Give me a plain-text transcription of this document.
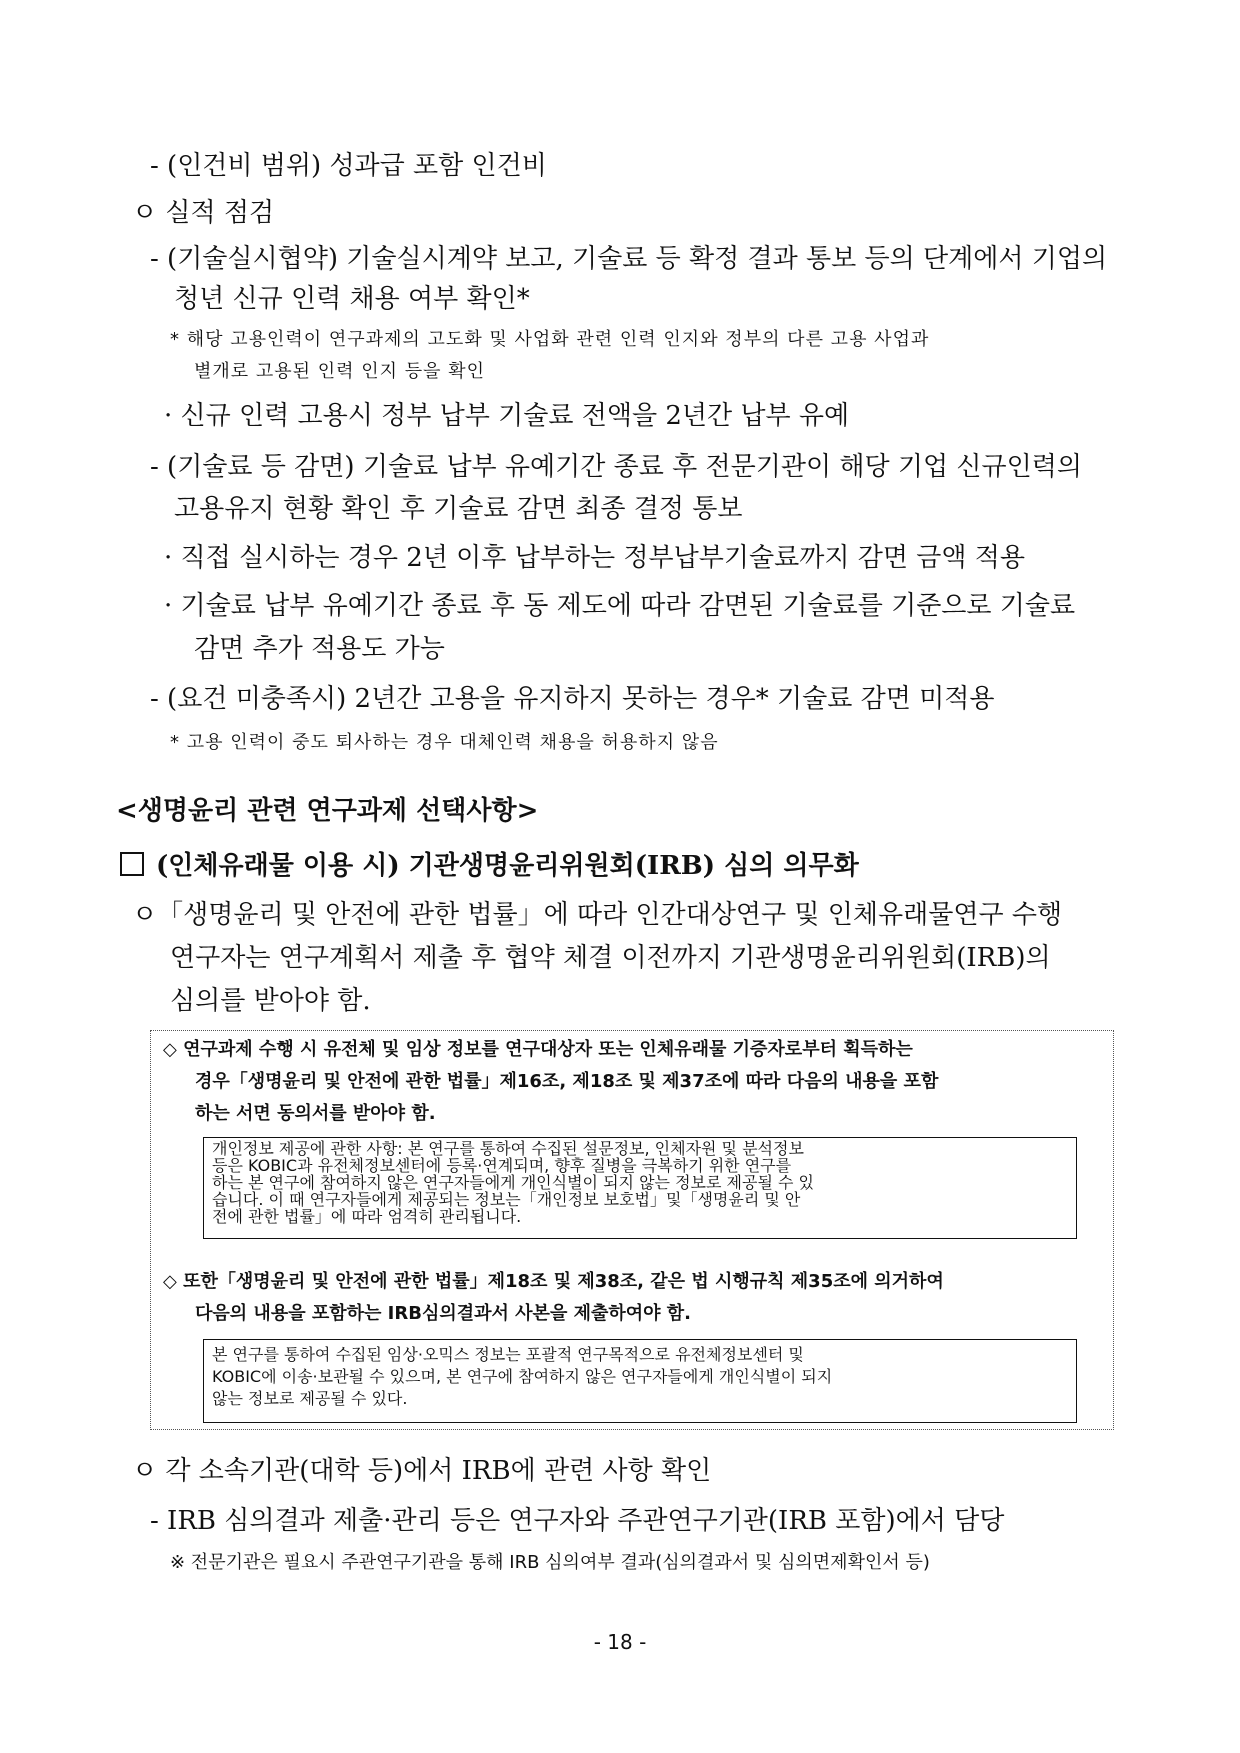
- (인건비 범위) 성과급 포함 인건비
ㅇ 실적 점검
- (기술실시협약) 기술실시계약 보고, 기술료 등 확정 결과 통보 등의 단계에서 기업의
청년 신규 인력 채용 여부 확인*
* 해당 고용인력이 연구과제의 고도화 및 사업화 관련 인력 인지와 정부의 다른 고용 사업과
별개로 고용된 인력 인지 등을 확인
· 신규 인력 고용시 정부 납부 기술료 전액을 2년간 납부 유예
- (기술료 등 감면) 기술료 납부 유예기간 종료 후 전문기관이 해당 기업 신규인력의
고용유지 현황 확인 후 기술료 감면 최종 결정 통보
· 직접 실시하는 경우 2년 이후 납부하는 정부납부기술료까지 감면 금액 적용
· 기술료 납부 유예기간 종료 후 동 제도에 따라 감면된 기술료를 기준으로 기술료
감면 추가 적용도 가능
- (요건 미충족시) 2년간 고용을 유지하지 못하는 경우* 기술료 감면 미적용
* 고용 인력이 중도 퇴사하는 경우 대체인력 채용을 허용하지 않음
<생명윤리 관련 연구과제 선택사항>
(인체유래물 이용 시) 기관생명윤리위원회(IRB) 심의 의무화
ㅇ「생명윤리 및 안전에 관한 법률」에 따라 인간대상연구 및 인체유래물연구 수행
연구자는 연구계획서 제출 후 협약 체결 이전까지 기관생명윤리위원회(IRB)의
심의를 받아야 함.
◇ 연구과제 수행 시 유전체 및 임상 정보를 연구대상자 또는 인체유래물 기증자로부터 획득하는
경우「생명윤리 및 안전에 관한 법률」제16조, 제18조 및 제37조에 따라 다음의 내용을 포함
하는 서면 동의서를 받아야 함.
개인정보 제공에 관한 사항: 본 연구를 통하여 수집된 설문정보, 인체자원 및 분석정보
등은 KOBIC과 유전체정보센터에 등록·연계되며, 향후 질병을 극복하기 위한 연구를
하는 본 연구에 참여하지 않은 연구자들에게 개인식별이 되지 않는 정보로 제공될 수 있
습니다. 이 때 연구자들에게 제공되는 정보는「개인정보 보호법」및「생명윤리 및 안
전에 관한 법률」에 따라 엄격히 관리됩니다.
◇ 또한「생명윤리 및 안전에 관한 법률」제18조 및 제38조, 같은 법 시행규칙 제35조에 의거하여
다음의 내용을 포함하는 IRB심의결과서 사본을 제출하여야 함.
본 연구를 통하여 수집된 임상·오믹스 정보는 포괄적 연구목적으로 유전체정보센터 및
KOBIC에 이송·보관될 수 있으며, 본 연구에 참여하지 않은 연구자들에게 개인식별이 되지
않는 정보로 제공될 수 있다.
ㅇ 각 소속기관(대학 등)에서 IRB에 관련 사항 확인
- IRB 심의결과 제출·관리 등은 연구자와 주관연구기관(IRB 포함)에서 담당
※ 전문기관은 필요시 주관연구기관을 통해 IRB 심의여부 결과(심의결과서 및 심의면제확인서 등)
- 18 -
